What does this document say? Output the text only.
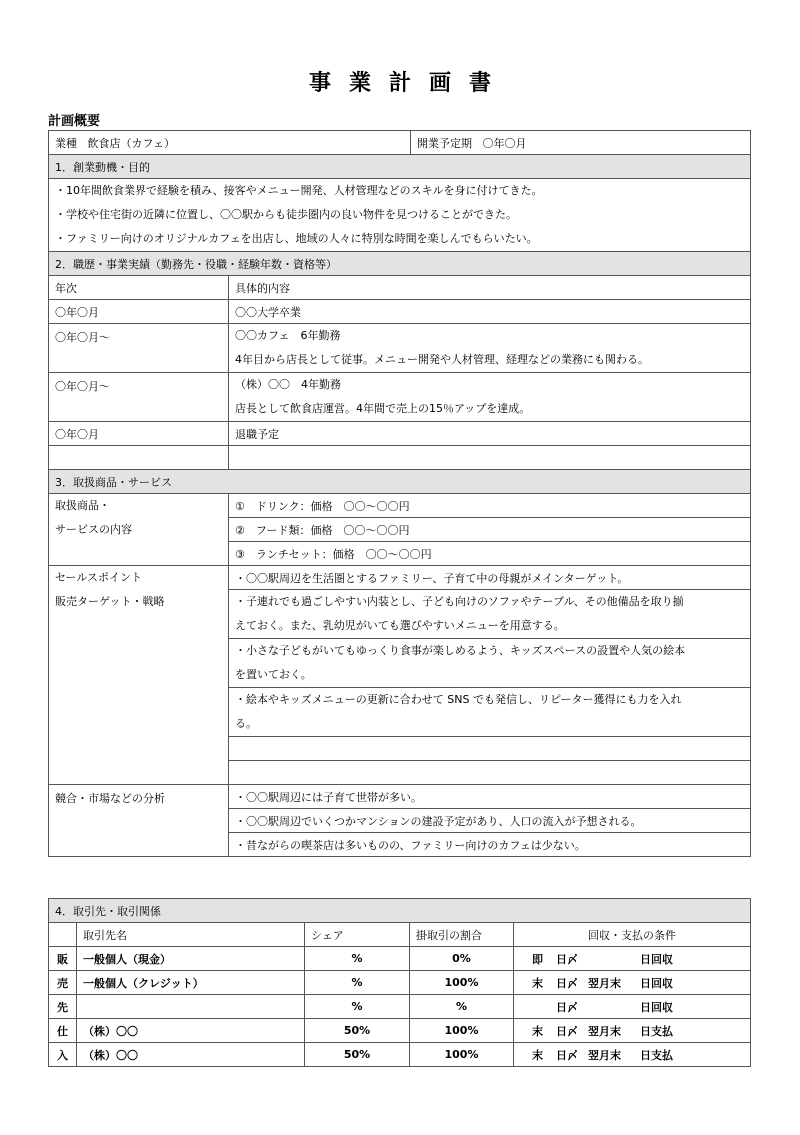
事業計画書
計画概要
業種 飲食店（カフェ）		開業予定期 〇年〇月
1．創業動機・目的		

・10年間飲食業界で経験を積み、接客やメニュー開発、人材管理などのスキルを身に付けてきた。
・学校や住宅街の近隣に位置し、〇〇駅からも徒歩圏内の良い物件を見つけることができた。
・ファミリー向けのオリジナルカフェを出店し、地域の人々に特別な時間を楽しんでもらいたい。		

2．職歴・事業実績（勤務先・役職・経験年数・資格等）		
年次	具体的内容	
〇年〇月	〇〇大学卒業	
〇年〇月～	〇〇カフェ　6年勤務
4年目から店長として従事。メニュー開発や人材管理、経理などの業務にも関わる。	

〇年〇月～	（株）〇〇　4年勤務
店長として飲食店運営。4年間で売上の15％アップを達成。	

〇年〇月	退職予定	

3．取扱商品・サービス		

取扱商品・
サービスの内容	①　ドリンク：価格　〇〇～〇〇円	
	②　フード類：価格　〇〇～〇〇円	
	③　ランチセット：価格　〇〇～〇〇円	

セールスポイント
販売ターゲット・戦略	・〇〇駅周辺を生活圏とするファミリー、子育て中の母親がメインターゲット。	

	・子連れでも過ごしやすい内装とし、子ども向けのソファやテーブル、その他備品を取り揃
えておく。また、乳幼児がいても選びやすいメニューを用意する。	

	・小さな子どもがいてもゆっくり食事が楽しめるよう、キッズスペースの設置や人気の絵本
を置いておく。	

	・絵本やキッズメニューの更新に合わせて SNS でも発信し、リピーター獲得にも力を入れ
る。	

競合・市場などの分析	・〇〇駅周辺には子育て世帯が多い。	
	・〇〇駅周辺でいくつかマンションの建設予定があり、人口の流入が予想される。	
	・昔ながらの喫茶店は多いものの、ファミリー向けのカフェは少ない。	
4．取引先・取引関係				
	取引先名	シェア	掛取引の割合	回収・支払の条件
販	一般個人（現金）	%	0%	即 日〆 日回収
売	一般個人（クレジット）	%	100%	末 日〆 翌月末 日回収
先		%	%	日〆 日回収
仕	（株）〇〇	50%	100%	末 日〆 翌月末 日支払
入	（株）〇〇	50%	100%	末 日〆 翌月末 日支払
